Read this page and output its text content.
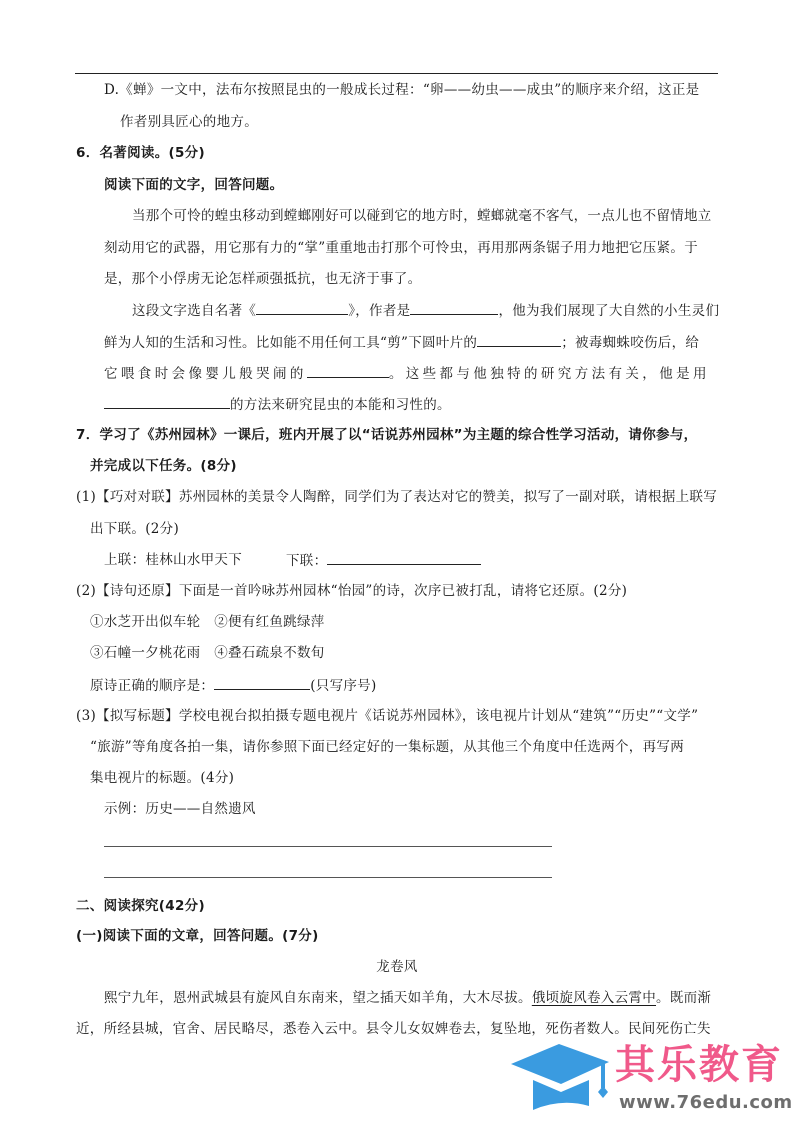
D.《蝉》一文中，法布尔按照昆虫的一般成长过程：“卵——幼虫——成虫”的顺序来介绍，这正是
作者别具匠心的地方。
6．名著阅读。(5分)
阅读下面的文字，回答问题。
当那个可怜的蝗虫移动到螳螂刚好可以碰到它的地方时，螳螂就毫不客气，一点儿也不留情地立
刻动用它的武器，用它那有力的“掌”重重地击打那个可怜虫，再用那两条锯子用力地把它压紧。于
是，那个小俘虏无论怎样顽强抵抗，也无济于事了。
这段文字选自名著《	》，作者是	，他为我们展现了大自然的小生灵们
鲜为人知的生活和习性。比如能不用任何工具“剪”下圆叶片的	；被毒蜘蛛咬伤后，给
它喂食时会像婴儿般哭闹的	。这些都与他独特的研究方法有关，他是用
的方法来研究昆虫的本能和习性的。
7．学习了《苏州园林》一课后，班内开展了以“话说苏州园林”为主题的综合性学习活动，请你参与，
并完成以下任务。(8分)
(1)【巧对对联】苏州园林的美景令人陶醉，同学们为了表达对它的赞美，拟写了一副对联，请根据上联写
出下联。(2分)
上联：桂林山水甲天下	下联：
(2)【诗句还原】下面是一首吟咏苏州园林“怡园”的诗，次序已被打乱，请将它还原。(2分)
①水芝开出似车轮　②便有红鱼跳绿萍
③石幢一夕桃花雨　④叠石疏泉不数旬
原诗正确的顺序是：	(只写序号)
(3)【拟写标题】学校电视台拟拍摄专题电视片《话说苏州园林》，该电视片计划从“建筑”“历史”“文学”
“旅游”等角度各拍一集，请你参照下面已经定好的一集标题，从其他三个角度中任选两个，再写两
集电视片的标题。(4分)
示例：历史——自然遗风
二、阅读探究(42分)
(一)阅读下面的文章，回答问题。(7分)
龙卷风
熙宁九年，恩州武城县有旋风自东南来，望之插天如羊角，大木尽拔。俄顷旋风卷入云霄中。既而渐
近，所经县城，官舍、居民略尽，悉卷入云中。县令儿女奴婢卷去，复坠地，死伤者数人。民间死伤亡失
其乐教育
www.76edu.com
